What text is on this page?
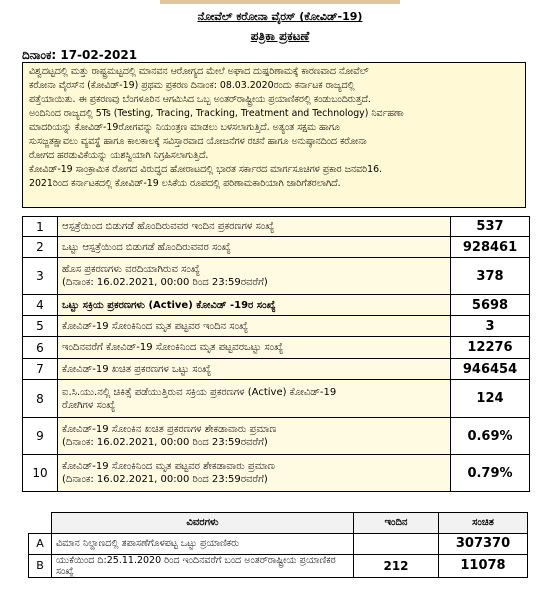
ನೋವೆಲ್ ಕರೋನಾ ವೈರಸ್ (ಕೋವಿಡ್-19)
ಪತ್ರಿಕಾ ಪ್ರಕಟಣೆ
ದಿನಾಂಕ: 17-02-2021

ವಿಶ್ವದಟ್ಟದಲ್ಲಿ ಮತ್ತು ರಾಷ್ಟ್ರಮಟ್ಟದಲ್ಲಿ ಮಾನವನ ಆರೋಗ್ಯದ ಮೇಲೆ ಅಘಾದ ದುಷ್ಪರಿಣಾಮಕ್ಕೆ ಕಾರಣವಾದ ನೋವೆಲ್

ಕರೋನಾ ವೈರಸ್‌ನ (ಕೋವಿಡ್-19) ಪ್ರಥಮ ಪ್ರಕರಣ ದಿನಾಂಕ: 08.03.2020ರಂದು ಕರ್ನಾಟಕ ರಾಜ್ಯದಲ್ಲಿ

ಪತ್ತೆಯಾಯಿತು. ಈ ಪ್ರಕರಣವು ಬೆಂಗಳೂರಿನ ಆಗಮಿಸಿದ ಒಬ್ಬ ಅಂತರ್‌ರಾಷ್ಟ್ರೀಯ ಪ್ರಯಾಣಿಕರಲ್ಲಿ ಕಂಡುಬಂದಿರುತ್ತದೆ.

ಅಂದಿನಿಂದ ರಾಜ್ಯದಲ್ಲಿ 5Ts (Testing, Tracing, Tracking, Treatment and Technology) ನಿರ್ವಹಣಾ

ಮಾದರಿಯನ್ನು ಕೋವಿಡ್-19ರೋಗವನ್ನು ನಿಯಂತ್ರಣ ಮಾಡಲು ಬಳಸಲಾಗುತ್ತಿದೆ. ಅತ್ಯಂತ ಸಕ್ಷಮ ಹಾಗೂ

ಸುಸಜ್ಜತಕ್ಷಾವಲು ವ್ಯವಸ್ಥೆ ಹಾಗೂ ಕಾಲಕಾಲಕ್ಕೆ ಸವಿಸ್ತಾರವಾದ ಯೋಜನೆಗಳ ರಚನೆ ಹಾಗೂ ಅನುಷ್ಠಾನದಿಂದ ಕರೋನಾ

ರೋಗದ ಹರಡುವಿಕೆಯನ್ನು ಯಶಸ್ವಿಯಾಗಿ ನಿಗ್ರಹಿಸಲಾಗುತ್ತಿದೆ.

ಕೋವಿಡ್-19 ಸಾಂಕ್ರಾಮಿಕ ರೋಗದ ವಿರುದ್ಧದ ಹೋರಾಟದಲ್ಲಿ ಭಾರತ ಸರ್ಕಾರದ ಮಾರ್ಗಸೂಚಿಗಳ ಪ್ರಕಾರ ಜನವರಿ16.

2021ರಿಂದ ಕರ್ನಾಟಕದಲ್ಲಿ ಕೋವಿಡ್-19 ಲಸಿಕೆಯ ರೂಪದಲ್ಲಿ ಪರಿಣಾಮಕಾರಿಯಾಗಿ ಜಾರಿಗೆತರಲಾಗಿದೆ.

1	ಆಸ್ಪತ್ರೆಯಿಂದ ಬಿಡುಗಡೆ ಹೊಂದಿರುವವರ ಇಂದಿನ ಪ್ರಕರಣಗಳ ಸಂಖ್ಯೆ	537
2	ಒಟ್ಟು ಆಸ್ಪತ್ರೆಯಿಂದ ಬಿಡುಗಡೆ ಹೊಂದಿರುವವರ ಸಂಖ್ಯೆ	928461
3	ಹೊಸ ಪ್ರಕರಣಗಳು ವರದಿಯಾಗಿರುವ ಸಂಖ್ಯೆ
(ದಿನಾಂಕ: 16.02.2021, 00:00 ರಿಂದ 23:59ರವರೆಗೆ)	378
4	ಒಟ್ಟು ಸಕ್ರಿಯ ಪ್ರಕರಣಗಳು (Active) ಕೋವಿಡ್ -19ರ ಸಂಖ್ಯೆ	5698
5	ಕೋವಿಡ್-19 ಸೋಂಕಿನಿಂದ ಮೃತ ಪಟ್ಟವರ ಇಂದಿನ ಸಂಖ್ಯೆ	3
6	ಇಂದಿನವರೆಗೆ ಕೋವಿಡ್-19 ಸೋಂಕಿನಿಂದ ಮೃತ ಪಟ್ಟವರಒಟ್ಟು ಸಂಖ್ಯೆ	12276
7	ಕೋವಿಡ್-19 ಖಚಿತ ಪ್ರಕರಣಗಳ ಒಟ್ಟು ಸಂಖ್ಯೆ	946454
8	ಐ.ಸಿ.ಯು.ನಲ್ಲಿ ಚಿಕಿತ್ಸೆ ಪಡೆಯುತ್ತಿರುವ ಸಕ್ರಿಯ ಪ್ರಕರಣಗಳ (Active) ಕೋವಿಡ್-19
ರೋಗಿಗಳ ಸಂಖ್ಯೆ	124
9	ಕೋವಿಡ್-19 ಸೋಂಕಿನ ಖಚಿತ ಪ್ರಕರಣಗಳ ಶೇಕಡಾವಾರು ಪ್ರಮಾಣ
(ದಿನಾಂಕ: 16.02.2021, 00:00 ರಿಂದ 23:59ರವರೆಗೆ)	0.69%
10	ಕೋವಿಡ್-19 ಸೋಂಕಿನಿಂದ ಮೃತ ಪಟ್ಟವರ ಶೇಕಡಾವಾರು ಪ್ರಮಾಣ
(ದಿನಾಂಕ: 16.02.2021, 00:00 ರಿಂದ 23:59ರವರೆಗೆ)	0.79%
	ವಿವರಗಳು	ಇಂದಿನ	ಸಂಚಿತ
A	ವಿಮಾನ ನಿಲ್ದಾಣದಲ್ಲಿ ತಪಾಸಣೆಗೊಳಪಟ್ಟ ಒಟ್ಟು ಪ್ರಯಾಣಿಕರು		307370
B	ಯುಕೆಯಿಂದ ದಿ:25.11.2020 ರಿಂದ ಇಂದಿನವರೆಗೆ ಬಂದ ಅಂತರ್‌ರಾಷ್ಟ್ರೀಯ ಪ್ರಯಾಣಿಕರ ಸಂಖ್ಯೆ	212	11078
